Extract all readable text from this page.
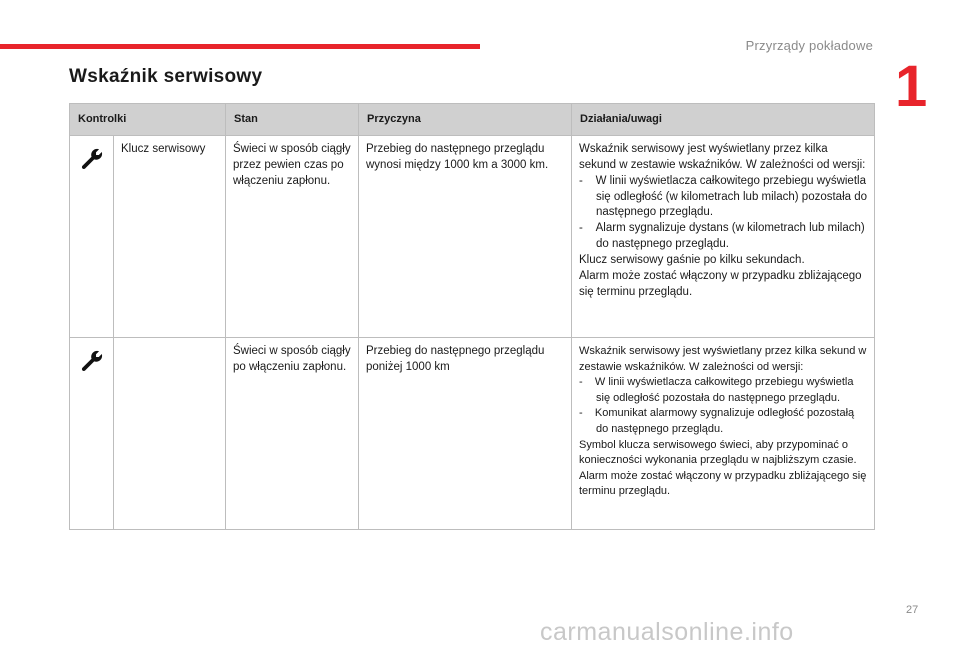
Przyrządy pokładowe
1
Wskaźnik serwisowy
Kontrolki		Stan	Przyczyna	Działania/uwagi
	Klucz serwisowy	Świeci w sposób ciągły przez pewien czas po włączeniu zapłonu.	Przebieg do następnego przeglądu wynosi między 1000 km a 3000 km.	Wskaźnik serwisowy jest wyświetlany przez kilka sekund w zestawie wskaźników. W zależności od wersji:
-    W linii wyświetlacza całkowitego przebiegu wyświetla się odległość (w kilometrach lub milach) pozostała do następnego przeglądu.
-    Alarm sygnalizuje dystans (w kilometrach lub milach) do następnego przeglądu.
Klucz serwisowy gaśnie po kilku sekundach.
Alarm może zostać włączony w przypadku zbliżającego się terminu przeglądu.

		Świeci w sposób ciągły po włączeniu zapłonu.	Przebieg do następnego przeglądu poniżej 1000 km	Wskaźnik serwisowy jest wyświetlany przez kilka sekund w zestawie wskaźników. W zależności od wersji:
-    W linii wyświetlacza całkowitego przebiegu wyświetla się odległość pozostała do następnego przeglądu.
-    Komunikat alarmowy sygnalizuje odległość pozostałą do następnego przeglądu.
Symbol klucza serwisowego świeci, aby przypominać o konieczności wykonania przeglądu w najbliższym czasie.
Alarm może zostać włączony w przypadku zbliżającego się terminu przeglądu.
27
carmanualsonline.info
